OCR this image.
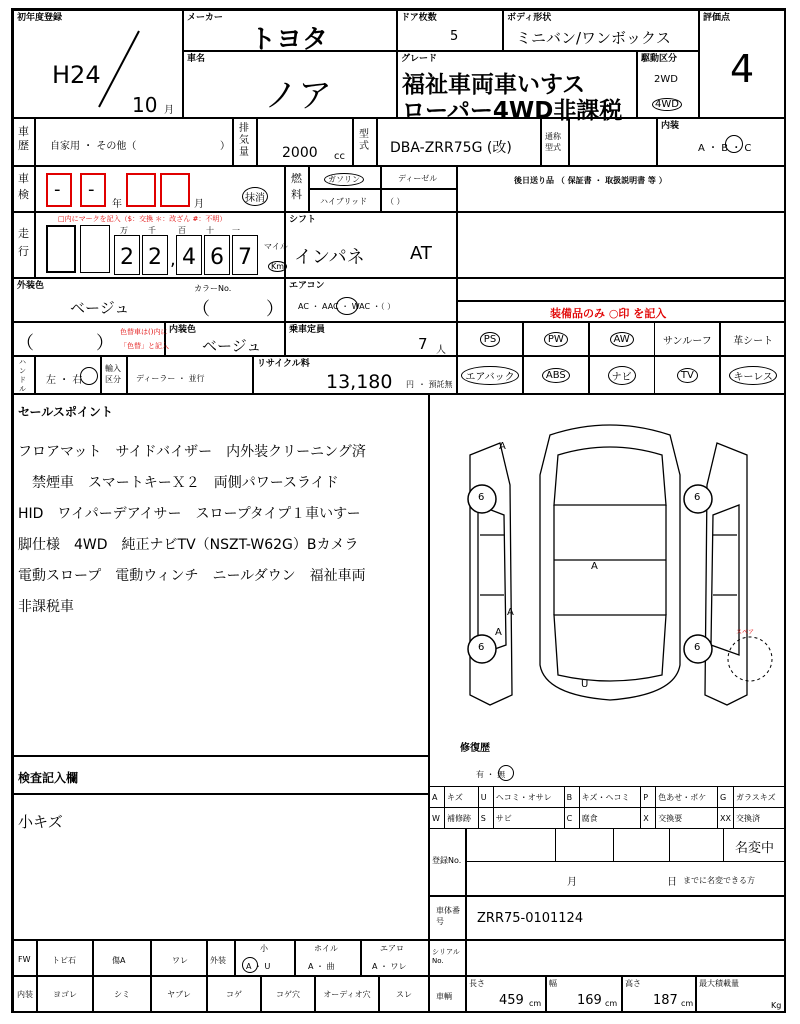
初年度登録
H24
10 月
メーカー
トヨタ
ドア枚数
5
ボディ形状
ミニバン/ワンボックス
評価点
4
車名
ノア
グレード
福祉車両車いすス
ローパー4WD非課税
駆動区分
2WD
4WD
車歴 自家用 ・ その他（	）
排気量 2000 cc
型式 DBA-ZRR75G (改)
通称型式
内装
A ・ B ・ C
車検 - -
年	月
抹消
燃料
ガソリン	ディーゼル
ハイブリッド （ ）
後日送り品 （ 保証書 ・ 取扱説明書 等 ）
走行
□内にマークを記入（$：交換 ＊：改ざん #：不明）
万	千	百	十 一
2 2 , 4 6 7	マイル
Km
シフト
インパネ	AT
外装色
ベージュ
カラーNo.
（	）
エアコン
AC ・ AAC ・ WAC ・（ ）
装備品のみ ○印 を記入
（	）
色替車は()内に
「色替」と記入
内装色
ベージュ
乗車定員
7 人
PS	PW	AW	サンルーフ 革シート
ハンドル
左 ・ 右
輸入区分	ディーラー ・ 並行
リサイクル料
13,180 円 ・ 預託無
エアバック	ABS	ナビ	TV	キーレス
セールスポイント
フロアマット　サイドバイザー　内外装クリーニング済
　禁煙車　スマートキーＸ２　両側パワースライド
HID　ワイパーデアイサー　スロープタイプ１車いすー
脚仕様　4WD　純正ナビTV（NSZT-W62G）Bカメラ
電動スロープ　電動ウィンチ　ニールダウン　福祉車両
非課税車
A
A
A
A
U
6	6
6	6
スペア
修復歴
有 ・ 無
A	キズ	U	ヘコミ・オサレ	B	キズ・ヘコミ	P	色あせ・ボケ	G	ガラスキズ
W	補修跡	S	サビ	C	腐食	X	交換要	XX	交換済
検査記入欄
小キズ
登録No.
名変中
月	日 までに名変できる方
車体番号	ZRR75-0101124
FW	トビ石	傷A	ワレ	外装
小
A ・ U
ホイル
A ・ 曲
エアロ
A ・ ワレ
シリアルNo.
内装	ヨゴレ	シミ	ヤブレ	コゲ	コゲ穴	オーディオ穴	スレ	車輌
長さ
459 cm
幅
169 cm
高さ
187 cm
最大積載量
Kg
